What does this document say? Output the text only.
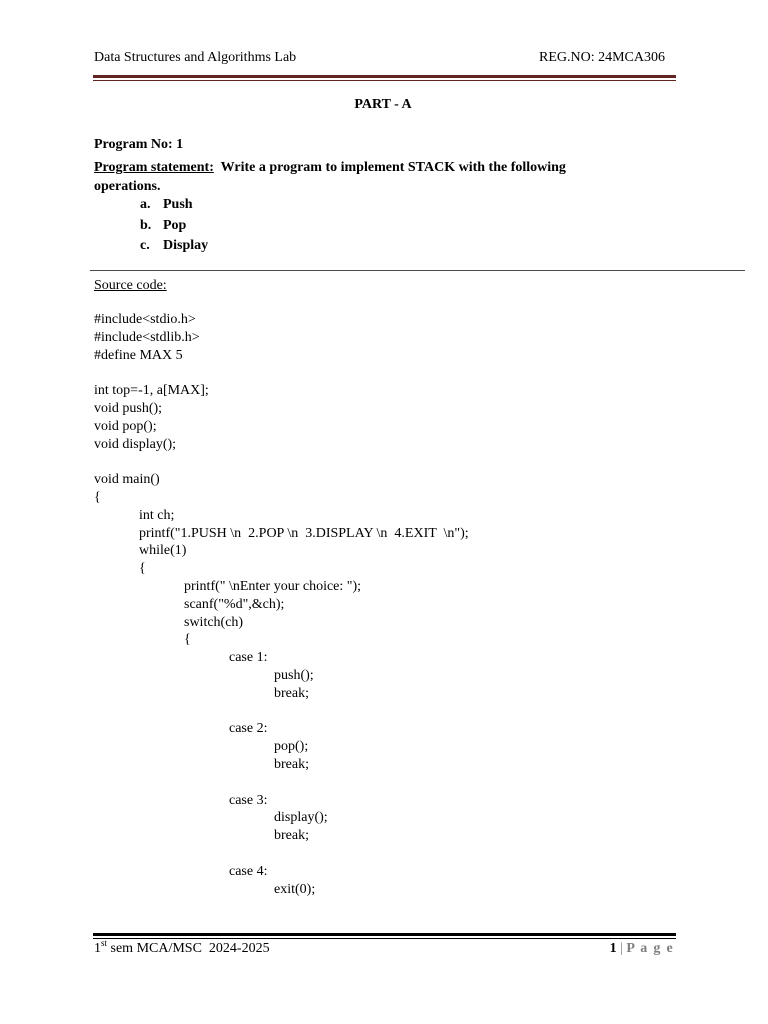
Data Structures and Algorithms Lab	REG.NO: 24MCA306
PART - A
Program No: 1
Program statement:  Write a program to implement STACK with the following
operations.
a. Push
b. Pop
c. Display
Source code:
#include<stdio.h>
#include<stdlib.h>
#define MAX 5
int top=-1, a[MAX];
void push();
void pop();
void display();
void main()
{
	int ch;
	printf("1.PUSH \n  2.POP \n  3.DISPLAY \n  4.EXIT  \n");
	while(1)
	{
		printf(" \nEnter your choice: ");
		scanf("%d",&ch);
		switch(ch)
		{
			case 1:
				push();
				break;
			case 2:
				pop();
				break;
			case 3:
				display();
				break;
			case 4:
				exit(0);
1st sem MCA/MSC  2024-2025	1 | P a g e
